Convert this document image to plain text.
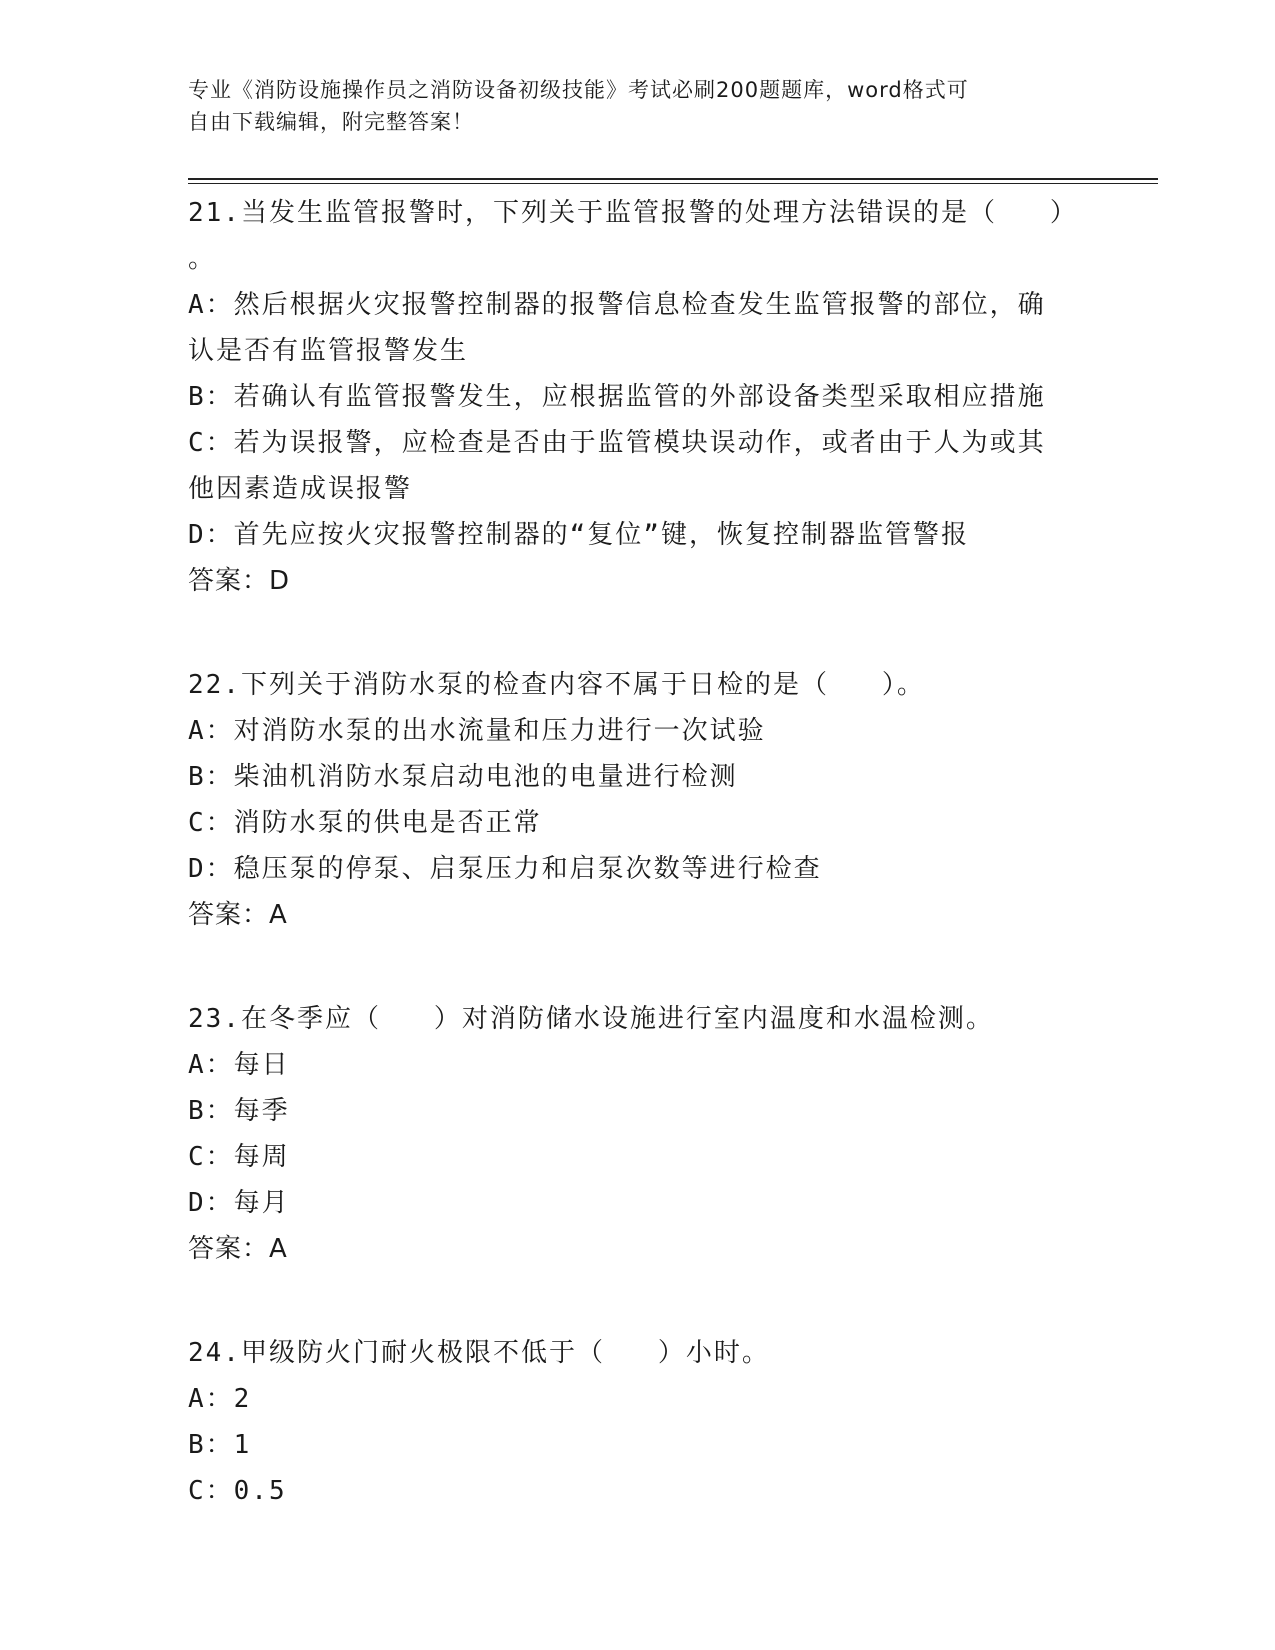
专业《消防设施操作员之消防设备初级技能》考试必刷200题题库，word格式可
自由下载编辑，附完整答案！
21.当发生监管报警时，下列关于监管报警的处理方法错误的是（   ）
。
A：然后根据火灾报警控制器的报警信息检查发生监管报警的部位，确
认是否有监管报警发生
B：若确认有监管报警发生，应根据监管的外部设备类型采取相应措施
C：若为误报警，应检查是否由于监管模块误动作，或者由于人为或其
他因素造成误报警
D：首先应按火灾报警控制器的“复位”键，恢复控制器监管警报
答案：D
22.下列关于消防水泵的检查内容不属于日检的是（   ）。
A：对消防水泵的出水流量和压力进行一次试验
B：柴油机消防水泵启动电池的电量进行检测
C：消防水泵的供电是否正常
D：稳压泵的停泵、启泵压力和启泵次数等进行检查
答案：A
23.在冬季应（   ）对消防储水设施进行室内温度和水温检测。
A：每日
B：每季
C：每周
D：每月
答案：A
24.甲级防火门耐火极限不低于（   ）小时。
A：2
B：1
C：0.5
